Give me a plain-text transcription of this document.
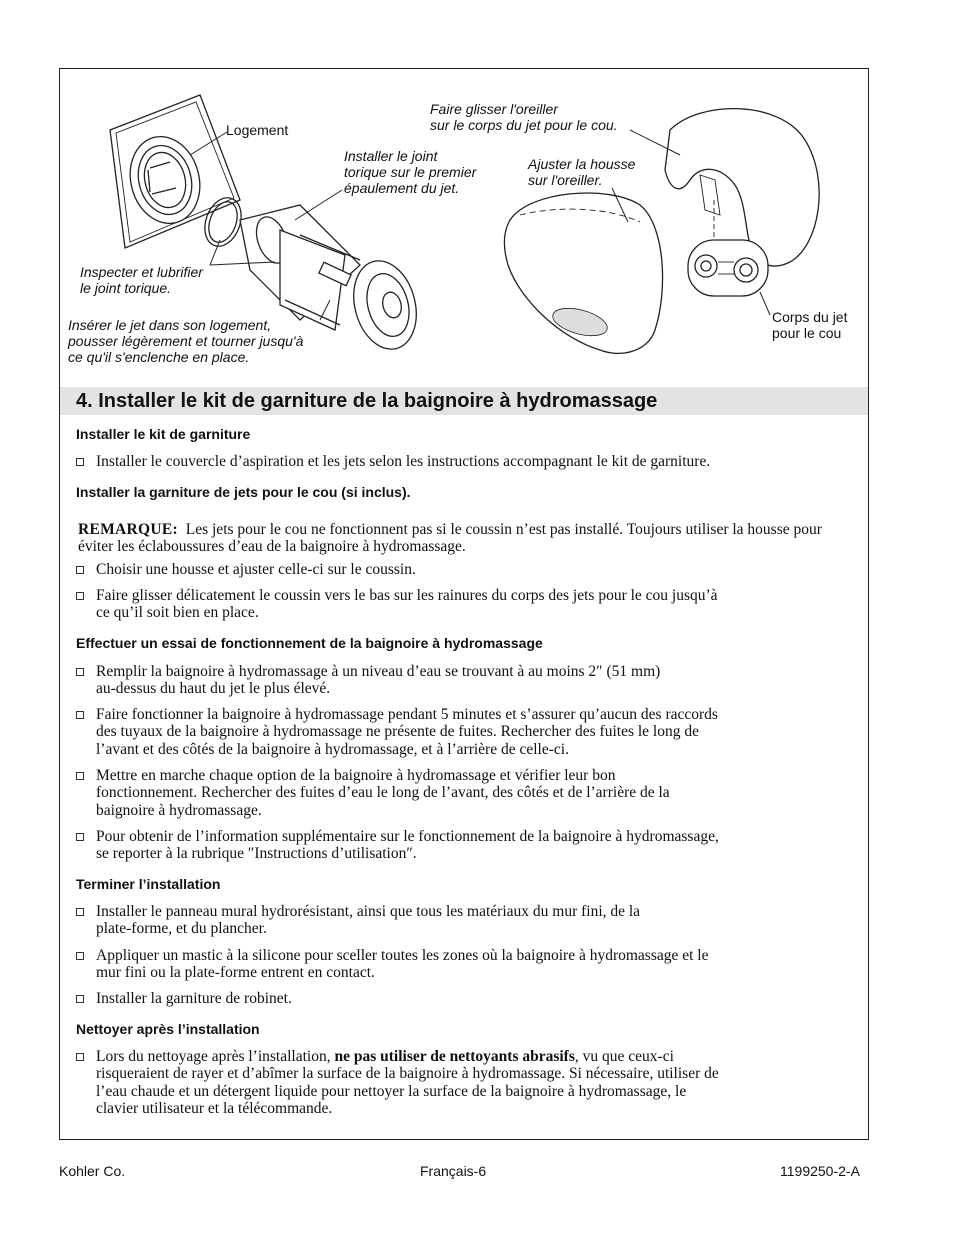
Logement
Installer le joint
torique sur le premier
épaulement du jet.
Inspecter et lubrifier
le joint torique.
Insérer le jet dans son logement,
pousser légèrement et tourner jusqu'à
ce qu'il s'enclenche en place.
Faire glisser l'oreiller
sur le corps du jet pour le cou.
Ajuster la housse
sur l'oreiller.
Corps du jet
pour le cou
4. Installer le kit de garniture de la baignoire à hydromassage
Installer le kit de garniture
Installer le couvercle d’aspiration et les jets selon les instructions accompagnant le kit de garniture.
Installer la garniture de jets pour le cou (si inclus).
REMARQUE: Les jets pour le cou ne fonctionnent pas si le coussin n’est pas installé. Toujours utiliser la housse pour éviter les éclaboussures d’eau de la baignoire à hydromassage.
Choisir une housse et ajuster celle-ci sur le coussin.
Faire glisser délicatement le coussin vers le bas sur les rainures du corps des jets pour le cou jusqu’à
ce qu’il soit bien en place.
Effectuer un essai de fonctionnement de la baignoire à hydromassage
Remplir la baignoire à hydromassage à un niveau d’eau se trouvant à au moins 2″ (51 mm)
au-dessus du haut du jet le plus élevé.
Faire fonctionner la baignoire à hydromassage pendant 5 minutes et s’assurer qu’aucun des raccords
des tuyaux de la baignoire à hydromassage ne présente de fuites. Rechercher des fuites le long de
l’avant et des côtés de la baignoire à hydromassage, et à l’arrière de celle-ci.
Mettre en marche chaque option de la baignoire à hydromassage et vérifier leur bon
fonctionnement. Rechercher des fuites d’eau le long de l’avant, des côtés et de l’arrière de la
baignoire à hydromassage.
Pour obtenir de l’information supplémentaire sur le fonctionnement de la baignoire à hydromassage,
se reporter à la rubrique ″Instructions d’utilisation″.
Terminer l’installation
Installer le panneau mural hydrorésistant, ainsi que tous les matériaux du mur fini, de la
plate-forme, et du plancher.
Appliquer un mastic à la silicone pour sceller toutes les zones où la baignoire à hydromassage et le
mur fini ou la plate-forme entrent en contact.
Installer la garniture de robinet.
Nettoyer après l’installation
Lors du nettoyage après l’installation, ne pas utiliser de nettoyants abrasifs, vu que ceux-ci
risqueraient de rayer et d’abîmer la surface de la baignoire à hydromassage. Si nécessaire, utiliser de
l’eau chaude et un détergent liquide pour nettoyer la surface de la baignoire à hydromassage, le
clavier utilisateur et la télécommande.
Kohler Co.	Français-6	1199250-2-A
